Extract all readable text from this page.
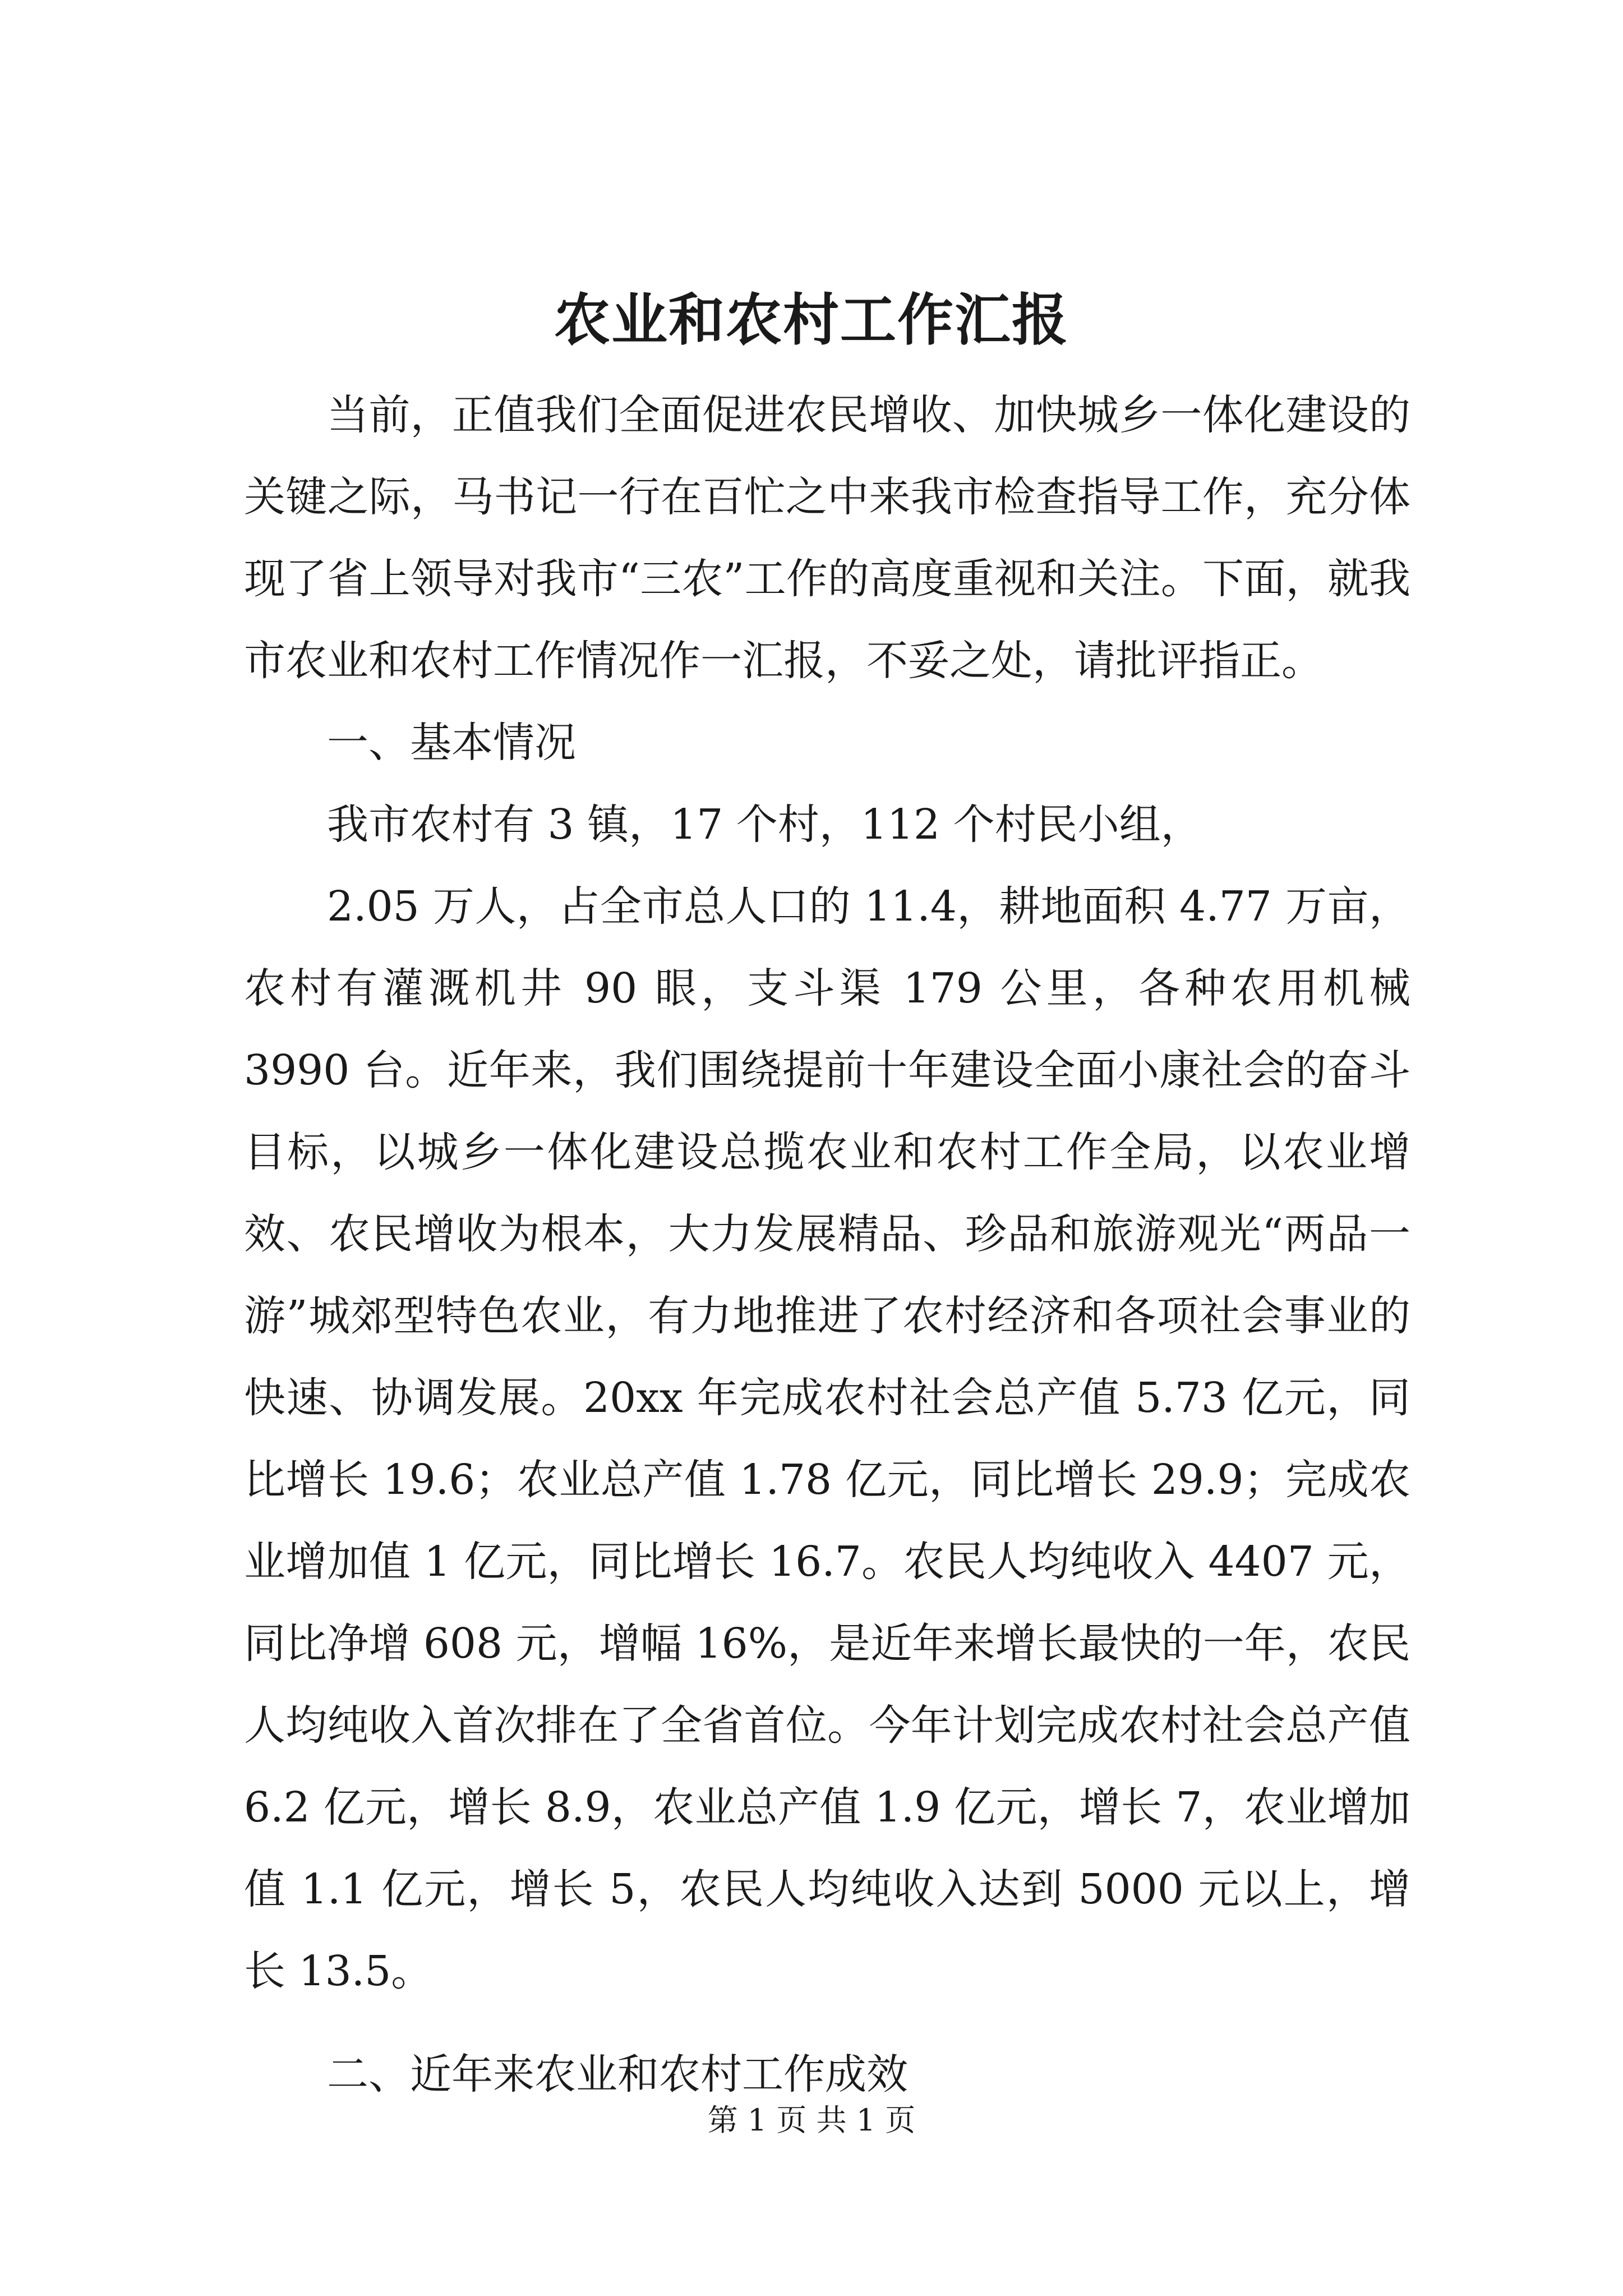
农业和农村工作汇报

当前，正值我们全面促进农民增收、加快城乡一体化建设的关键之际，马书记一行在百忙之中来我市检查指导工作，充分体现了省上领导对我市“三农”工作的高度重视和关注。下面，就我市农业和农村工作情况作一汇报，不妥之处，请批评指正。

一、基本情况

我市农村有 3 镇，17 个村，112 个村民小组，

2.05 万人，占全市总人口的 11.4，耕地面积 4.77 万亩，农村有灌溉机井 90 眼，支斗渠 179 公里，各种农用机械 3990 台。近年来，我们围绕提前十年建设全面小康社会的奋斗目标，以城乡一体化建设总揽农业和农村工作全局，以农业增效、农民增收为根本，大力发展精品、珍品和旅游观光“两品一游”城郊型特色农业，有力地推进了农村经济和各项社会事业的快速、协调发展。20xx 年完成农村社会总产值 5.73 亿元，同比增长 19.6；农业总产值 1.78 亿元，同比增长 29.9；完成农业增加值 1 亿元，同比增长 16.7。农民人均纯收入 4407 元，同比净增 608 元，增幅 16%，是近年来增长最快的一年，农民人均纯收入首次排在了全省首位。今年计划完成农村社会总产值 6.2 亿元，增长 8.9，农业总产值 1.9 亿元，增长 7，农业增加值 1.1 亿元，增长 5，农民人均纯收入达到 5000 元以上，增长 13.5。

二、近年来农业和农村工作成效

第 1 页 共 1 页
